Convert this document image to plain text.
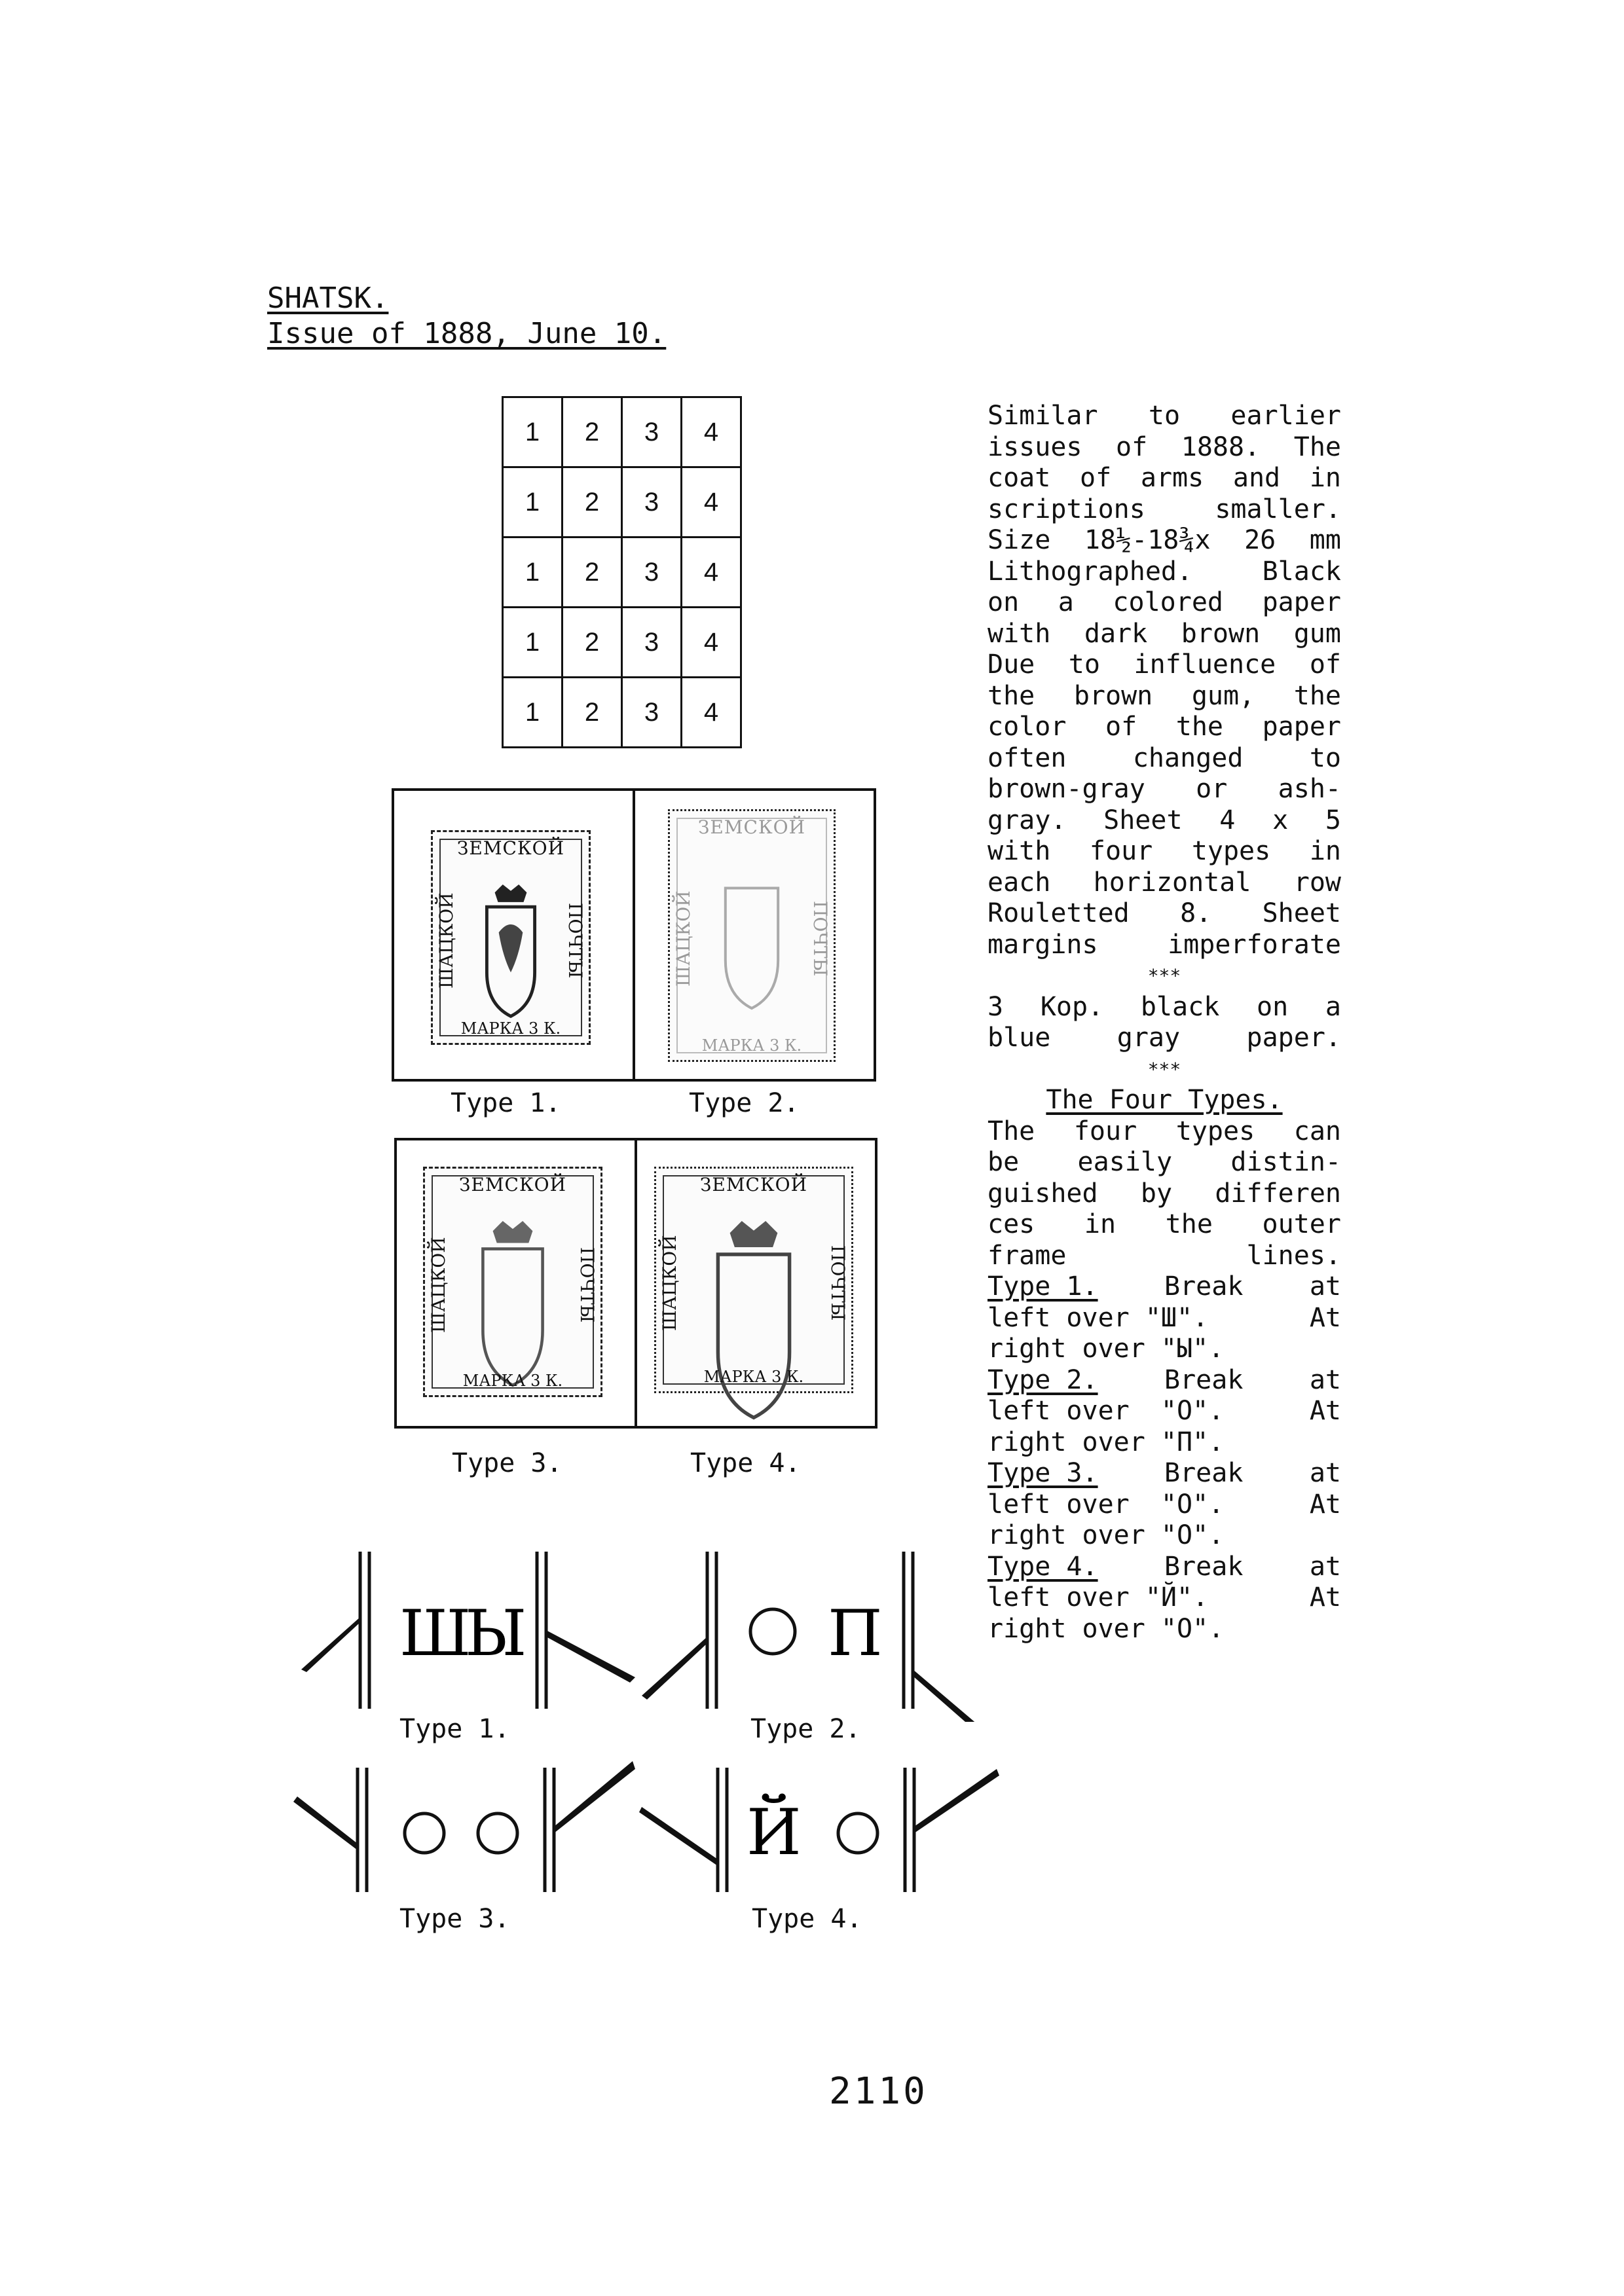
SHATSK.
Issue of 1888, June 10.
1	2	3	4
1	2	3	4
1	2	3	4
1	2	3	4
1	2	3	4
ЗЕМСКОЙ
ШАЦКОЙ	ПОЧТЫ
МАРКА 3 К.
ЗЕМСКОЙ
ШАЦКОЙ	ПОЧТЫ
МАРКА 3 К.
Type 1.	Type 2.
ЗЕМСКОЙ
ШАЦКОЙ	ПОЧТЫ
МАРКА 3 К.
ЗЕМСКОЙ
ШАЦКОЙ	ПОЧТЫ
МАРКА 3 К.
Type 3.	Type 4.
Ш
Ы	П
Type 1.	Type 2.
Й
Type 3.	Type 4.
Similar to earlier
issues of 1888. The
coat of arms and in
scriptions	smaller.
Size 18½-18¾x 26 mm
Lithographed.	Black
on a colored paper
with dark brown gum
Due to influence of
the brown gum, the
color of the paper
often	changed	to
brown-gray or ash-
gray. Sheet 4 x 5
with four types in
each horizontal row
Rouletted 8. Sheet
margins	imperforate
***
3 Kop. black on a
blue	gray	paper.
***
The Four Types.
The four types can
be easily distin-
guished by differen
ces in the outer
frame	lines.
Type 1.	Break	at
left over "Ш".	At
right over "Ы".
Type 2.	Break	at
left over  "О".	At
right over "П".
Type 3.	Break	at
left over  "О".	At
right over "О".
Type 4.	Break	at
left over "Й".	At
right over "О".
2110
